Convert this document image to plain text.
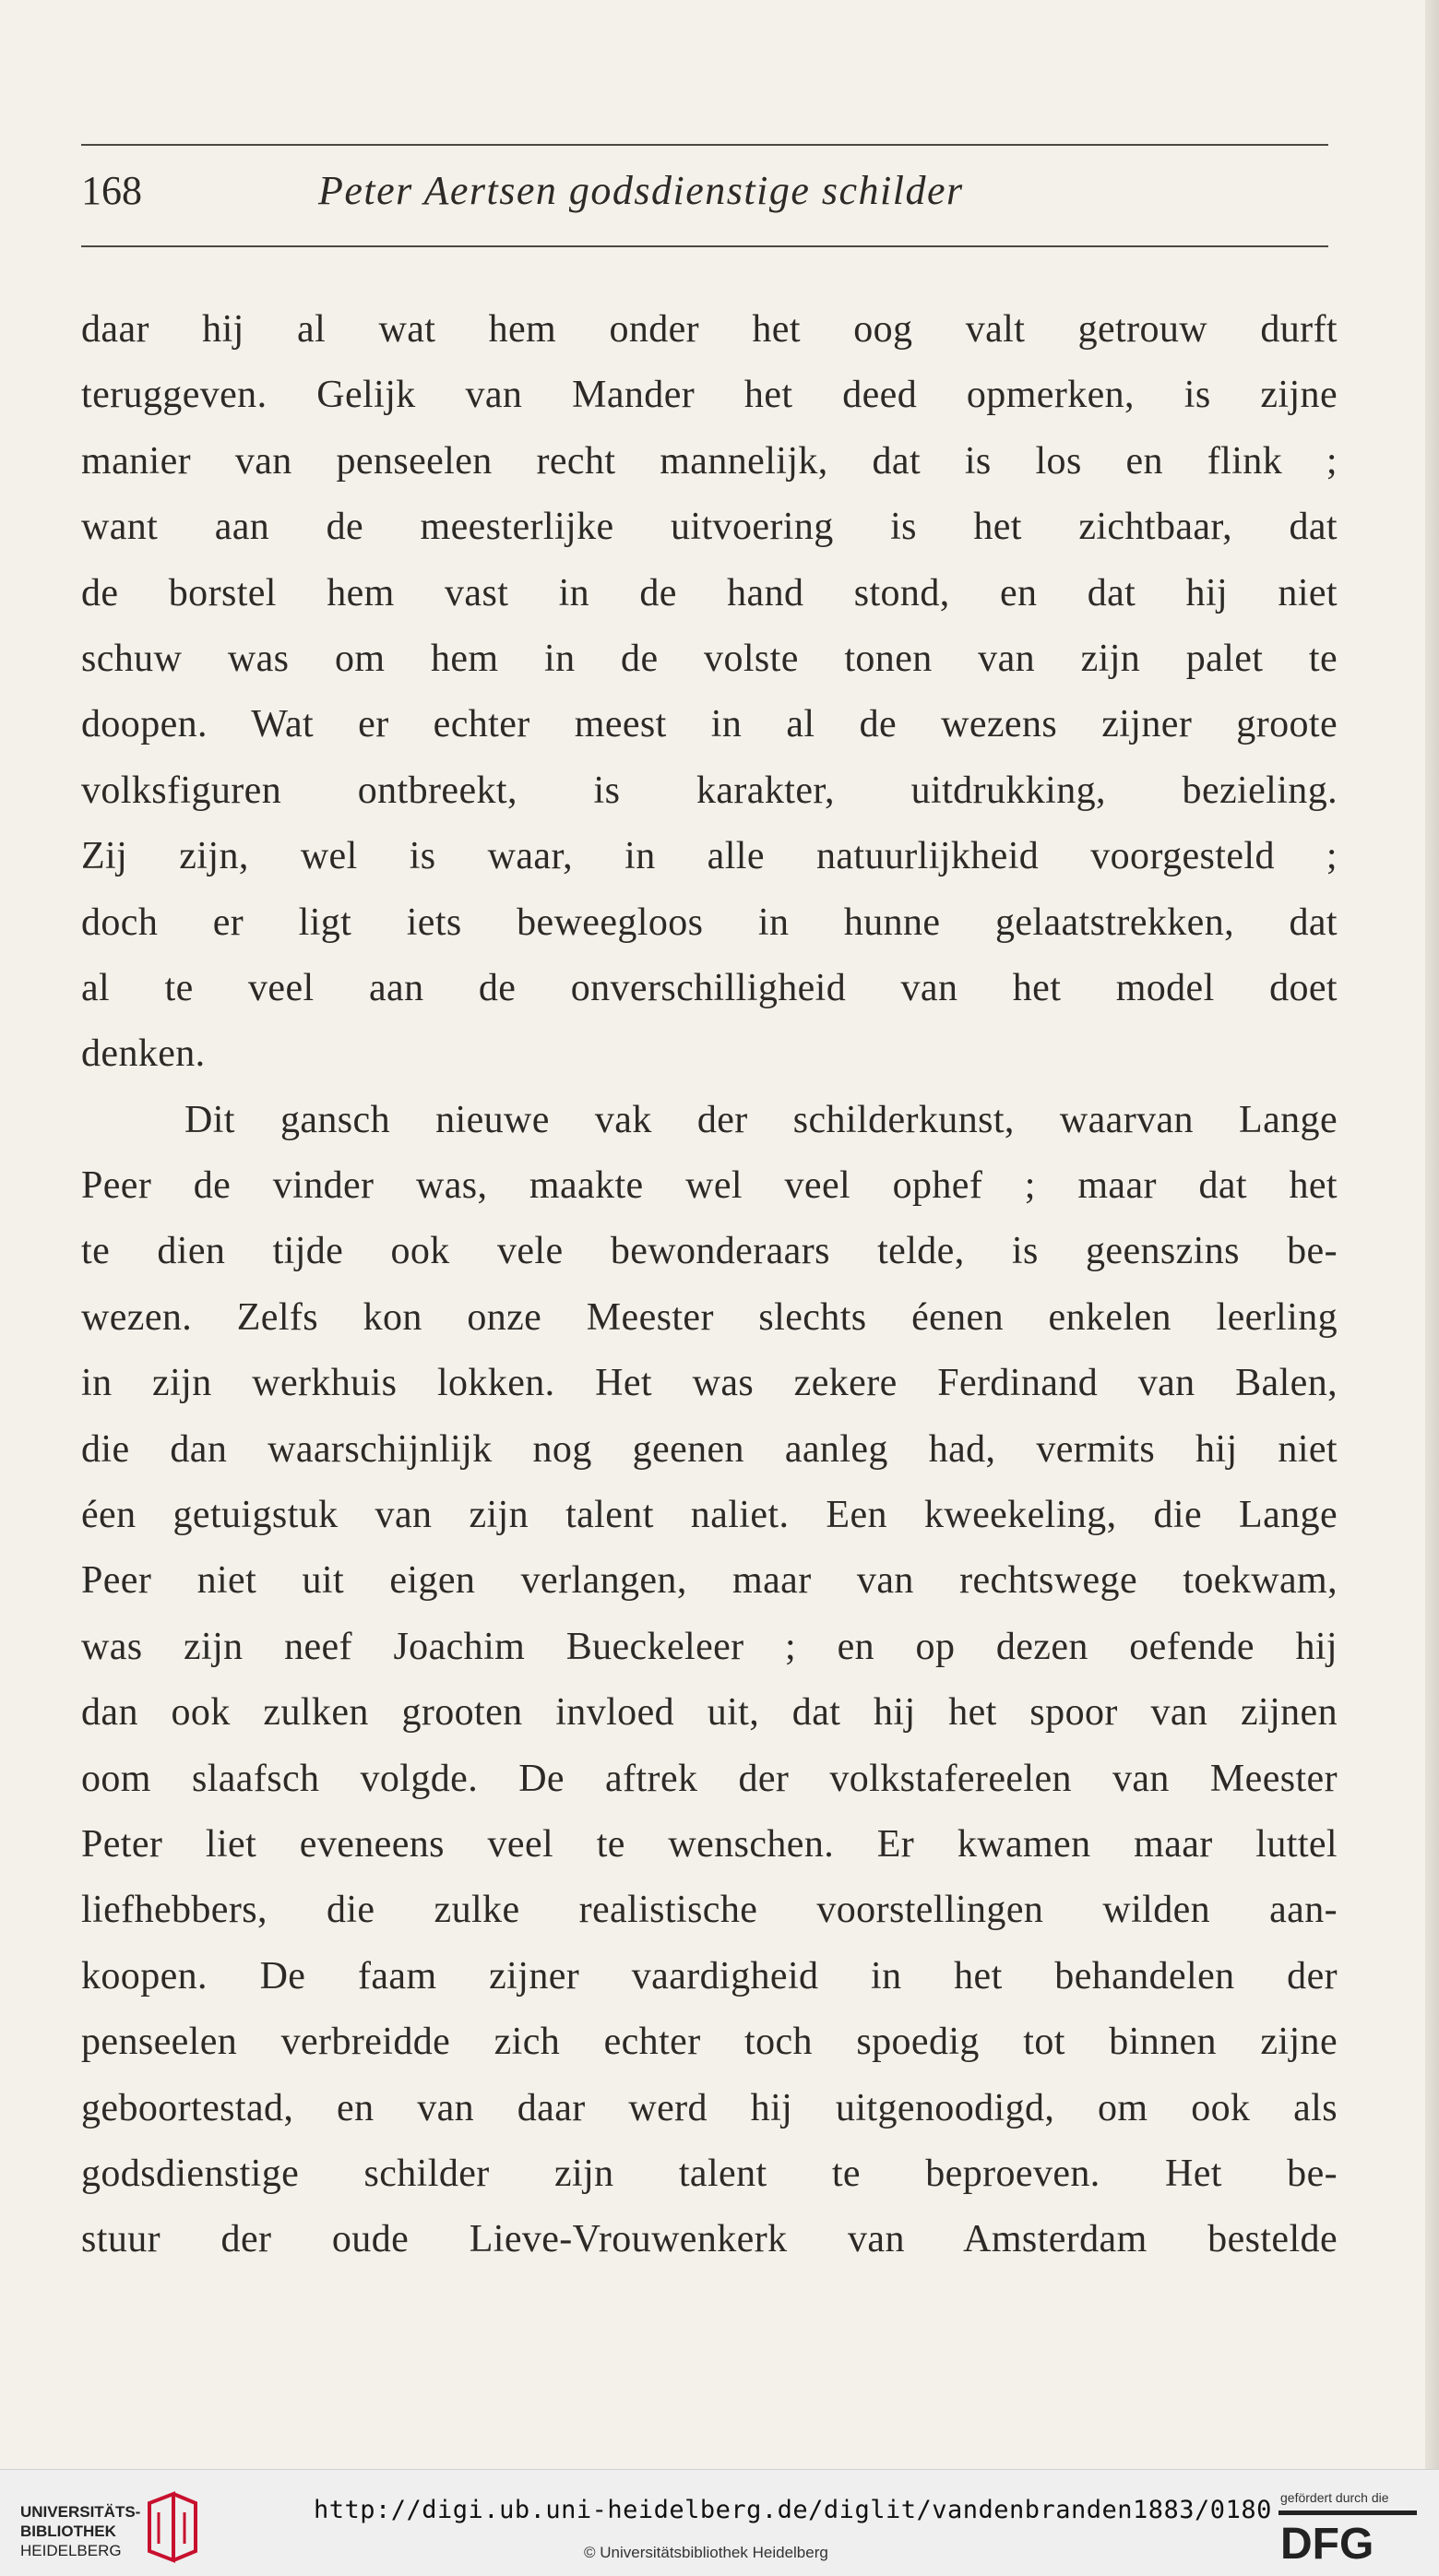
168	Peter Aertsen godsdienstige schilder
daar hij al wat hem onder het oog valt getrouw durft
teruggeven. Gelijk van Mander het deed opmerken, is zijne
manier van penseelen recht mannelijk, dat is los en flink ;
want aan de meesterlijke uitvoering is het zichtbaar, dat
de borstel hem vast in de hand stond, en dat hij niet
schuw was om hem in de volste tonen van zijn palet te
doopen. Wat er echter meest in al de wezens zijner groote
volksfiguren ontbreekt, is karakter, uitdrukking, bezieling.
Zij zijn, wel is waar, in alle natuurlijkheid voorgesteld ;
doch er ligt iets beweegloos in hunne gelaatstrekken, dat
al te veel aan de onverschilligheid van het model doet
denken.
Dit gansch nieuwe vak der schilderkunst, waarvan Lange
Peer de vinder was, maakte wel veel ophef ; maar dat het
te dien tijde ook vele bewonderaars telde, is geenszins be-
wezen. Zelfs kon onze Meester slechts éenen enkelen leerling
in zijn werkhuis lokken. Het was zekere Ferdinand van Balen,
die dan waarschijnlijk nog geenen aanleg had, vermits hij niet
éen getuigstuk van zijn talent naliet. Een kweekeling, die Lange
Peer niet uit eigen verlangen, maar van rechtswege toekwam,
was zijn neef Joachim Bueckeleer ; en op dezen oefende hij
dan ook zulken grooten invloed uit, dat hij het spoor van zijnen
oom slaafsch volgde. De aftrek der volkstafereelen van Meester
Peter liet eveneens veel te wenschen. Er kwamen maar luttel
liefhebbers, die zulke realistische voorstellingen wilden aan-
koopen. De faam zijner vaardigheid in het behandelen der
penseelen verbreidde zich echter toch spoedig tot binnen zijne
geboortestad, en van daar werd hij uitgenoodigd, om ook als
godsdienstige schilder zijn talent te beproeven. Het be-
stuur der oude Lieve-Vrouwenkerk van Amsterdam bestelde
UNIVERSITÄTS-
BIBLIOTHEK
HEIDELBERG
http://digi.ub.uni-heidelberg.de/diglit/vandenbranden1883/0180
© Universitätsbibliothek Heidelberg
gefördert durch die
DFG
